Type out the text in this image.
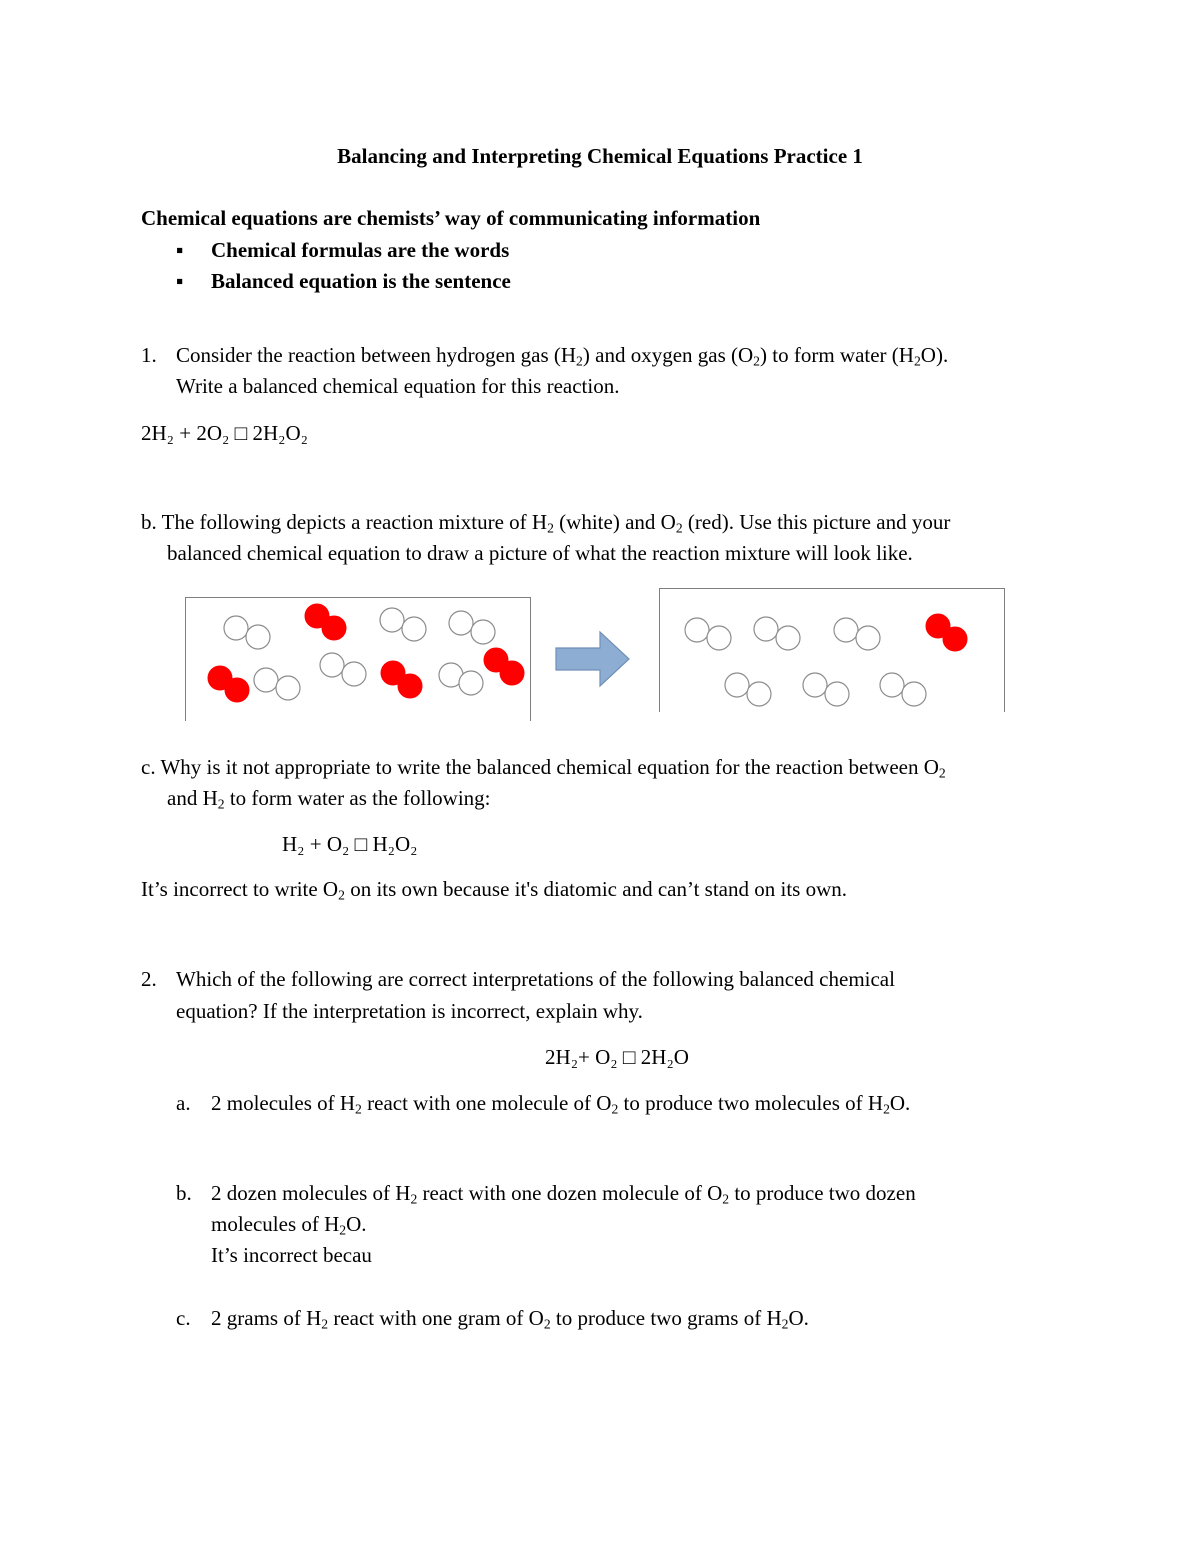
Balancing and Interpreting Chemical Equations Practice 1
Chemical equations are chemists’ way of communicating information
▪ Chemical formulas are the words
▪ Balanced equation is the sentence
1. Consider the reaction between hydrogen gas $(H_2)$ and oxygen gas $(O_2)$ to form water $(H_2O)$.
Write a balanced chemical equation for this reaction.
2H₂ + 2O₂ □ 2H₂O₂
b. The following depicts a reaction mixture of $H_2$ (white) and $O_2$ (red). Use this picture and your
balanced chemical equation to draw a picture of what the reaction mixture will look like.
c. Why is it not appropriate to write the balanced chemical equation for the reaction between $O_2$
and $H_2$ to form water as the following:
H₂ + O₂ □ H₂O₂
It’s incorrect to write $O_2$ on its own because it's diatomic and can’t stand on its own.
2. Which of the following are correct interpretations of the following balanced chemical
equation? If the interpretation is incorrect, explain why.
2H₂+ O₂ □ 2H₂O
a. 2 molecules of $H_2$ react with one molecule of $O_2$ to produce two molecules of $H_2O$.
b. 2 dozen molecules of $H_2$ react with one dozen molecule of $O_2$ to produce two dozen
molecules of $H_2O$.
It’s incorrect becau
c. 2 grams of $H_2$ react with one gram of $O_2$ to produce two grams of $H_2O$.
